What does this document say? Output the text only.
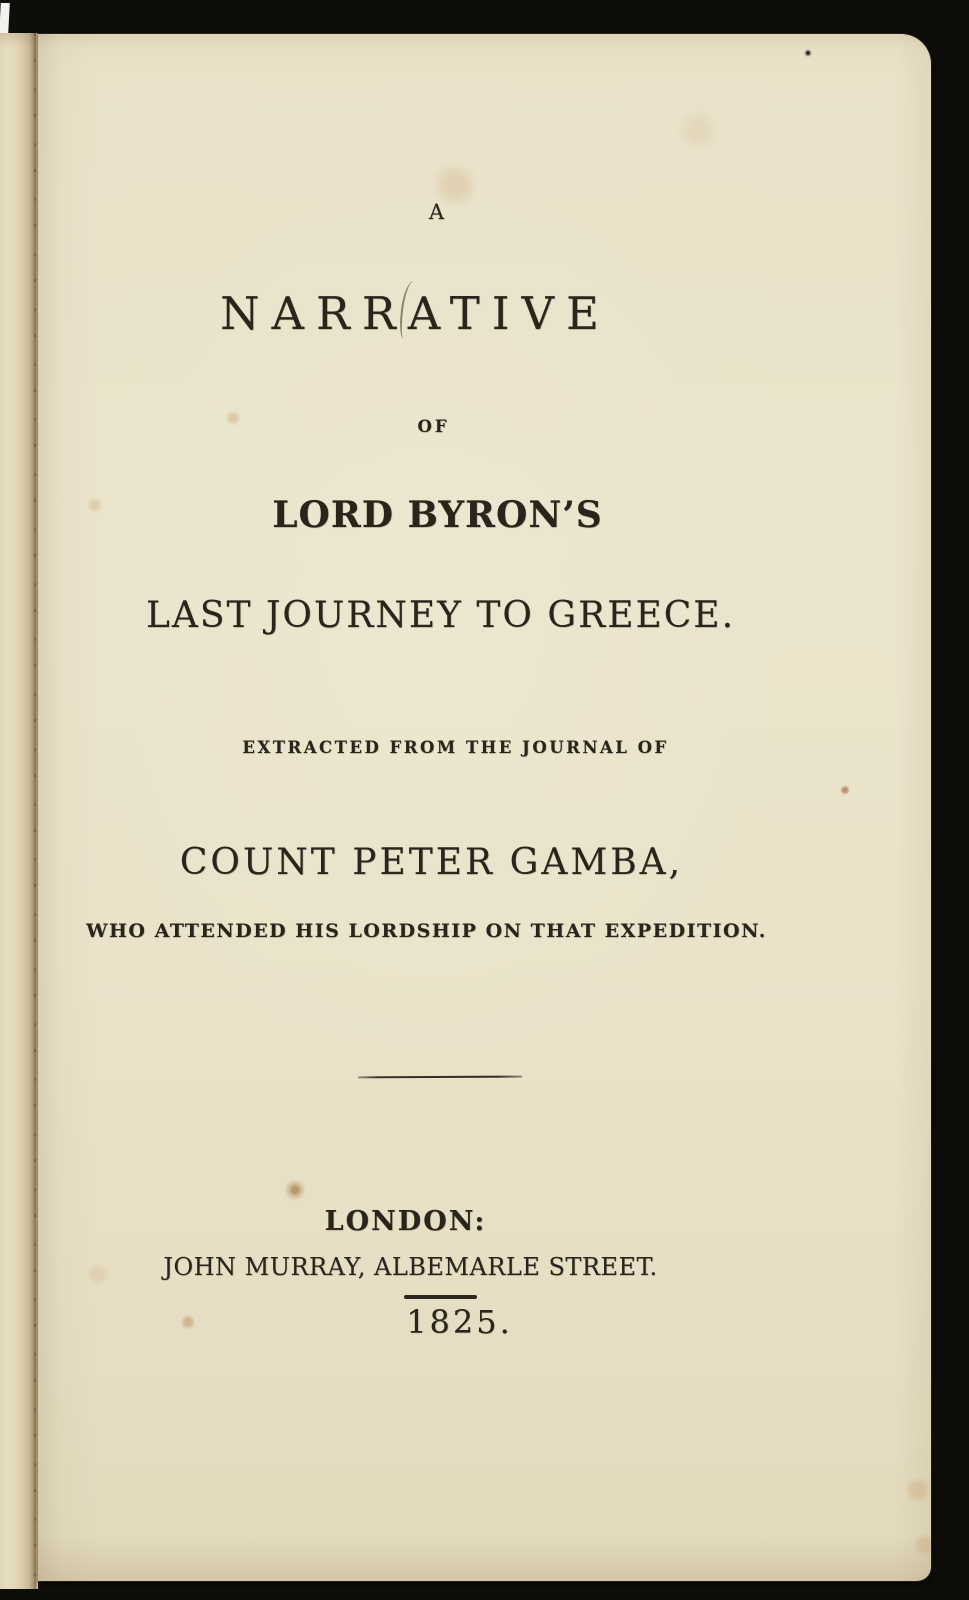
A
NARRATIVE
OF
LORD BYRON’S
LAST JOURNEY TO GREECE.
EXTRACTED FROM THE JOURNAL OF
COUNT PETER GAMBA,
WHO ATTENDED HIS LORDSHIP ON THAT EXPEDITION.
LONDON:
JOHN MURRAY, ALBEMARLE STREET.
1825.
